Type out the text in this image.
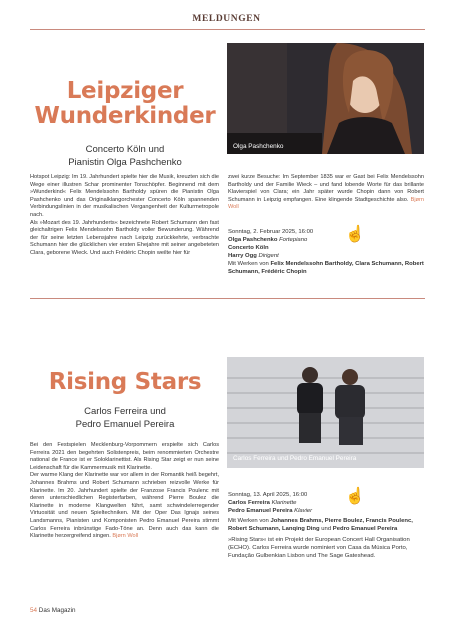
MELDUNGEN
Leipziger
Wunderkinder
Concerto Köln und
Pianistin Olga Pashchenko
Olga Pashchenko

Hotspot Leipzig: Im 19. Jahrhundert spielte hier die Musik, kreuzten sich die Wege einer illustren Schar prominenter Tonschöpfer. Beginnend mit dem »Wunderkind« Felix Mendelssohn Bartholdy spüren die Pianistin Olga Pashchenko und das Originalklangorchester Concerto Köln spannenden Verbindungslinien in der musikalischen Vergangenheit der Kulturmetropole nach.

Als »Mozart des 19. Jahrhunderts« bezeichnete Robert Schumann den fast gleichaltrigen Felix Mendelssohn Bartholdy voller Bewunderung. Während der für seine letzten Lebensjahre nach Leipzig zurückkehrte, verbrachte Schumann hier die glücklichen vier ersten Ehejahre mit seiner angebeteten Clara, geborene Wieck. Und auch Frédéric Chopin weilte hier für

zwei kurze Besuche: Im September 1835 war er Gast bei Felix Mendelssohn Bartholdy und der Familie Wieck – und fand lobende Worte für das brillante Klavierspiel von Clara; ein Jahr später wurde Chopin dann von Robert Schumann in Leipzig empfangen. Eine klingende Stadtgeschichte also. Bjørn Woll

Sonntag, 2. Februar 2025, 16:00
Olga Pashchenko Fortepiano
Concerto Köln
Harry Ogg Dirigent
Mit Werken von Felix Mendelssohn Bartholdy, Clara Schumann, Robert Schumann, Frédéric Chopin
☝
Rising Stars
Carlos Ferreira und
Pedro Emanuel Pereira
Carlos Ferreira und Pedro Emanuel Pereira

Bei den Festspielen Mecklenburg-Vorpommern erspielte sich Carlos Ferreira 2021 den begehrten Solistenpreis, beim renommierten Orchestre national de France ist er Soloklarinettist. Als Rising Star zeigt er nun seine Leidenschaft für die Kammermusik mit Klarinette.

Der warme Klang der Klarinette war vor allem in der Romantik heiß begehrt, Johannes Brahms und Robert Schumann schrieben reizvolle Werke für Klarinette. Im 20. Jahrhundert spielte der Franzose Francis Poulenc mit deren unterschiedlichen Registerfarben, während Pierre Boulez die Klarinette in moderne Klangwelten führt, samt schwindelerregender Virtuosität und neuen Spieltechniken. Mit der Oper Das Ignajs seines Landsmanns, Pianisten und Komponisten Pedro Emanuel Pereira stimmt Carlos Ferreira inbrünstige Fado-Töne an. Denn auch das kann die Klarinette herzergreifend singen. Bjørn Woll

Sonntag, 13. April 2025, 16:00
Carlos Ferreira Klarinette
Pedro Emanuel Pereira Klavier
Mit Werken von Johannes Brahms, Pierre Boulez, Francis Poulenc, Robert Schumann, Lanqing Ding und Pedro Emanuel Pereira
»Rising Stars« ist ein Projekt der European Concert Hall Organisation (ECHO). Carlos Ferreira wurde nominiert von Casa da Música Porto, Fundação Gulbenkian Lisbon und The Sage Gateshead.
☝
54 Das Magazin
